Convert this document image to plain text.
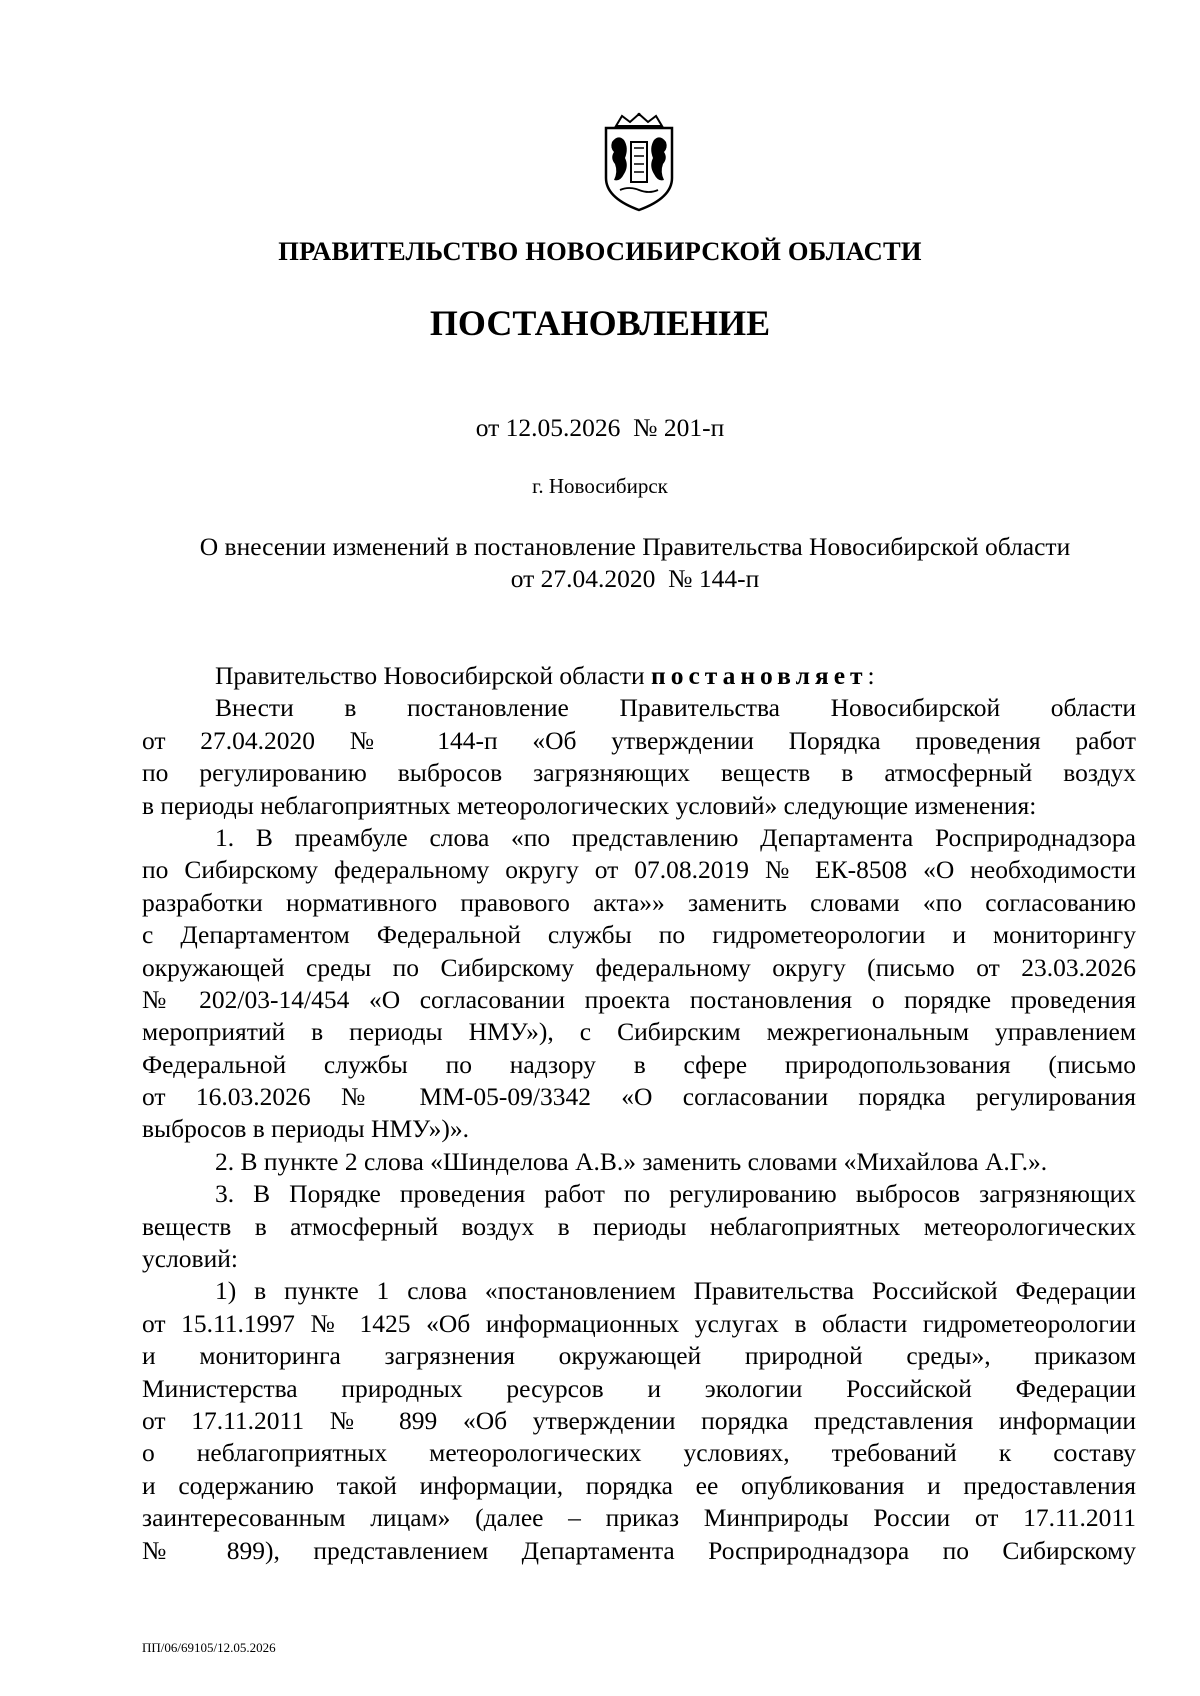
ПРАВИТЕЛЬСТВО НОВОСИБИРСКОЙ ОБЛАСТИ
ПОСТАНОВЛЕНИЕ
от 12.05.2026  № 201-п
г. Новосибирск
О внесении изменений в постановление Правительства Новосибирской области
от 27.04.2020  № 144-п
Правительство Новосибирской области постановляет:
Внести в постановление Правительства Новосибирской области
от 27.04.2020 № 144-п «Об утверждении Порядка проведения работ
по регулированию выбросов загрязняющих веществ в атмосферный воздух
в периоды неблагоприятных метеорологических условий» следующие изменения:
1. В преамбуле слова «по представлению Департамента Росприроднадзора
по Сибирскому федеральному округу от 07.08.2019 № ЕК-8508 «О необходимости
разработки нормативного правового акта»» заменить словами «по согласованию
с Департаментом Федеральной службы по гидрометеорологии и мониторингу
окружающей среды по Сибирскому федеральному округу (письмо от 23.03.2026
№ 202/03-14/454 «О согласовании проекта постановления о порядке проведения
мероприятий в периоды НМУ»), с Сибирским межрегиональным управлением
Федеральной службы по надзору в сфере природопользования (письмо
от 16.03.2026 № ММ-05-09/3342 «О согласовании порядка регулирования
выбросов в периоды НМУ»)».
2. В пункте 2 слова «Шинделова А.В.» заменить словами «Михайлова А.Г.».
3. В Порядке проведения работ по регулированию выбросов загрязняющих
веществ в атмосферный воздух в периоды неблагоприятных метеорологических
условий:
1) в пункте 1 слова «постановлением Правительства Российской Федерации
от 15.11.1997 № 1425 «Об информационных услугах в области гидрометеорологии
и мониторинга загрязнения окружающей природной среды», приказом
Министерства природных ресурсов и экологии Российской Федерации
от 17.11.2011 № 899 «Об утверждении порядка представления информации
о неблагоприятных метеорологических условиях, требований к составу
и содержанию такой информации, порядка ее опубликования и предоставления
заинтересованным лицам» (далее – приказ Минприроды России от 17.11.2011
№ 899), представлением Департамента Росприроднадзора по Сибирскому
ПП/06/69105/12.05.2026
